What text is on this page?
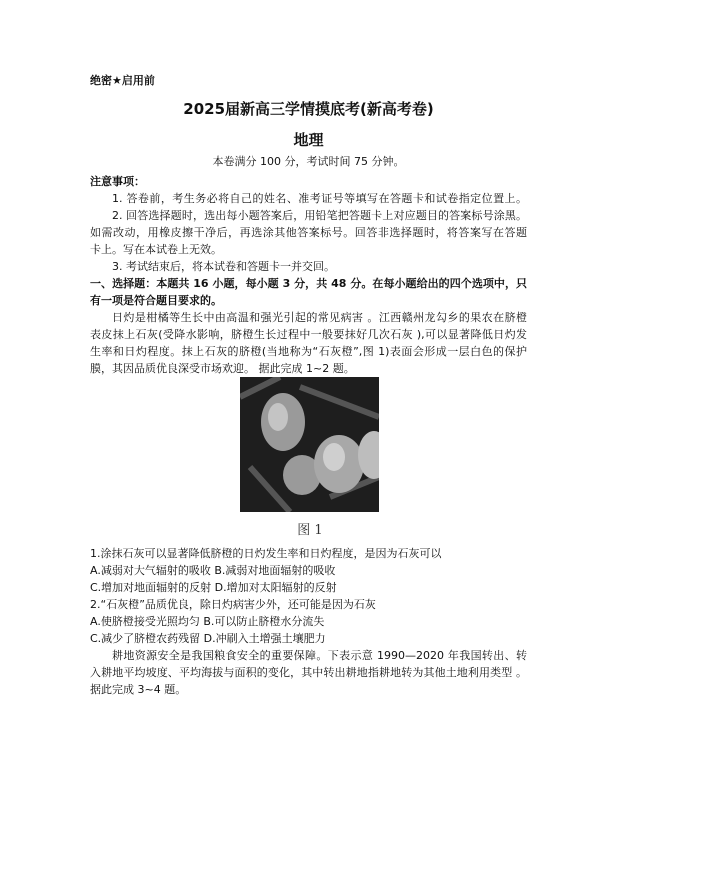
绝密★启用前
2025届新高三学情摸底考(新高考卷)
地理
本卷满分 100 分，考试时间 75 分钟。
注意事项：
1. 答卷前，考生务必将自己的姓名、准考证号等填写在答题卡和试卷指定位置上。
2. 回答选择题时，选出每小题答案后，用铅笔把答题卡上对应题目的答案标号涂黑。
如需改动，用橡皮擦干净后，再选涂其他答案标号。回答非选择题时，将答案写在答题
卡上。写在本试卷上无效。
3. 考试结束后，将本试卷和答题卡一并交回。
一、选择题：本题共 16 小题，每小题 3 分，共 48 分。在每小题给出的四个选项中，只
有一项是符合题目要求的。
日灼是柑橘等生长中由高温和强光引起的常见病害 。江西赣州龙勾乡的果农在脐橙
表皮抹上石灰(受降水影响，脐橙生长过程中一般要抹好几次石灰 ),可以显著降低日灼发
生率和日灼程度。抹上石灰的脐橙(当地称为“石灰橙”,图 1)表面会形成一层白色的保护
膜，其因品质优良深受市场欢迎。 据此完成 1~2 题。
图 1
1.涂抹石灰可以显著降低脐橙的日灼发生率和日灼程度，是因为石灰可以
A.减弱对大气辐射的吸收 B.减弱对地面辐射的吸收
C.增加对地面辐射的反射 D.增加对太阳辐射的反射
2.“石灰橙”品质优良，除日灼病害少外，还可能是因为石灰
A.使脐橙接受光照均匀 B.可以防止脐橙水分流失
C.减少了脐橙农药残留 D.冲刷入土增强土壤肥力
耕地资源安全是我国粮食安全的重要保障。下表示意 1990—2020 年我国转出、转
入耕地平均坡度、平均海拔与面积的变化，其中转出耕地指耕地转为其他土地利用类型 。
据此完成 3~4 题。
